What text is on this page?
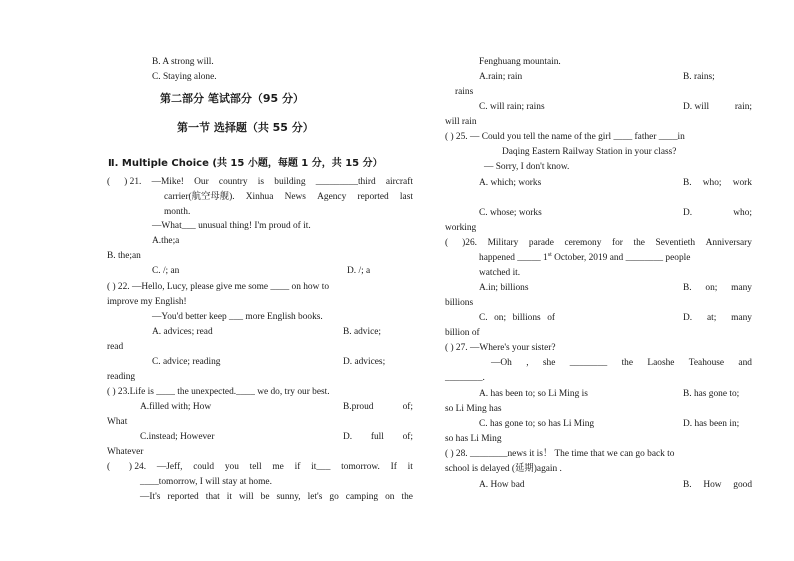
B. A strong will.
C. Staying alone.
第二部分 笔试部分（95 分）
第一节 选择题（共 55 分）
Ⅱ. Multiple Choice (共 15 小题，每题 1 分，共 15 分）
(      ) 21. —Mike! Our country is building _________third aircraft
carrier(航空母舰). Xinhua News Agency reported last
month.
—What___ unusual thing! I'm proud of it.
A.the;a
B. the;an
C. /; an	D. /; a
( ) 22. —Hello, Lucy, please give me some ____ on how to
improve my English!
—You'd better keep ___ more English books.
A. advices; read	B. advice;
read
C. advice; reading	D. advices;
reading
( ) 23.Life is ____ the unexpected.____ we do, try our best.
A.filled with; How	B.proud	of;
What
C.instead; However	D. full of;
Whatever
(        ) 24. —Jeff, could you tell me if it___ tomorrow. If it
____tomorrow, I will stay at home.
—It's reported that it will be sunny, let's go camping on the
Fenghuang mountain.
A.rain; rain	B. rains;
rains
C. will rain; rains	D. will	rain;
will rain
( ) 25. — Could you tell the name of the girl ____ father ____in
Daqing Eastern Railway Station in your class?
— Sorry, I don't know.
A. which; works	B. who; work
C. whose; works	D.	who;
working
(      )26. Military parade ceremony for the Seventieth Anniversary
happened _____ 1st October, 2019 and ________ people
watched it.
A.in; billions	B. on; many
billions
C. on; billions of	D. at; many
billion of
( ) 27. —Where's your sister?
—Oh , she ________ the Laoshe Teahouse and
________.
A. has been to; so Li Ming is	B. has gone to;
so Li Ming has
C. has gone to; so has Li Ming	D. has been in;
so has Li Ming
( ) 28. ________news it is！ The time that we can go back to
school is delayed (延期)again .
A. How bad	B. How good
